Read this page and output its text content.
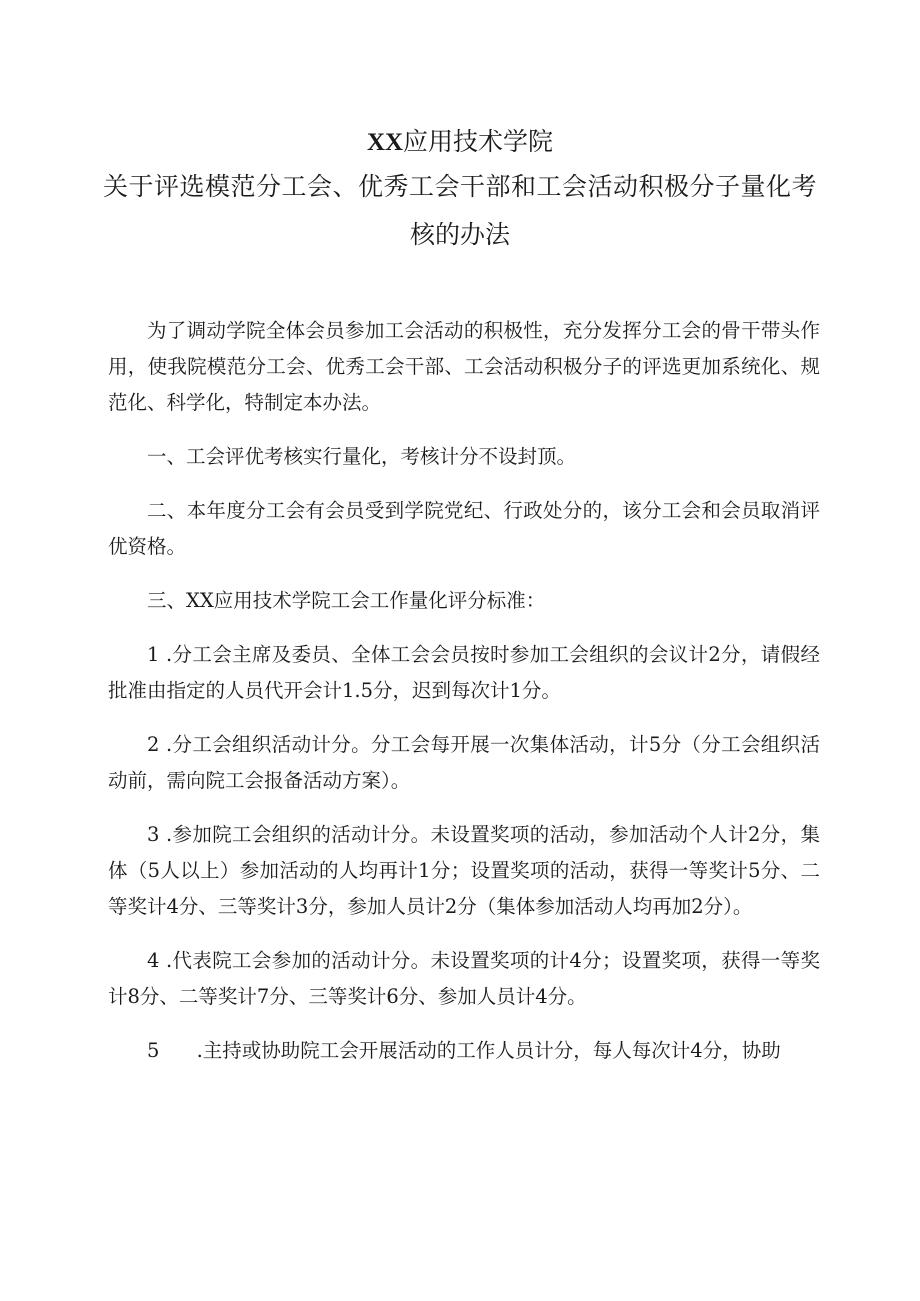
XX应用技术学院
关于评选模范分工会、优秀工会干部和工会活动积极分子量化考
核的办法

为了调动学院全体会员参加工会活动的积极性，充分发挥分工会的骨干带头作用，使我院模范分工会、优秀工会干部、工会活动积极分子的评选更加系统化、规范化、科学化，特制定本办法。

一、工会评优考核实行量化，考核计分不设封顶。

二、本年度分工会有会员受到学院党纪、行政处分的，该分工会和会员取消评优资格。

三、XX应用技术学院工会工作量化评分标准：

1 .分工会主席及委员、全体工会会员按时参加工会组织的会议计2分，请假经批准由指定的人员代开会计1.5分，迟到每次计1分。

2 .分工会组织活动计分。分工会每开展一次集体活动，计5分（分工会组织活动前，需向院工会报备活动方案）。

3 .参加院工会组织的活动计分。未设置奖项的活动，参加活动个人计2分，集体（5人以上）参加活动的人均再计1分；设置奖项的活动，获得一等奖计5分、二等奖计4分、三等奖计3分，参加人员计2分（集体参加活动人均再加2分）。

4 .代表院工会参加的活动计分。未设置奖项的计4分；设置奖项，获得一等奖计8分、二等奖计7分、三等奖计6分、参加人员计4分。

5      .主持或协助院工会开展活动的工作人员计分，每人每次计4分，协助
